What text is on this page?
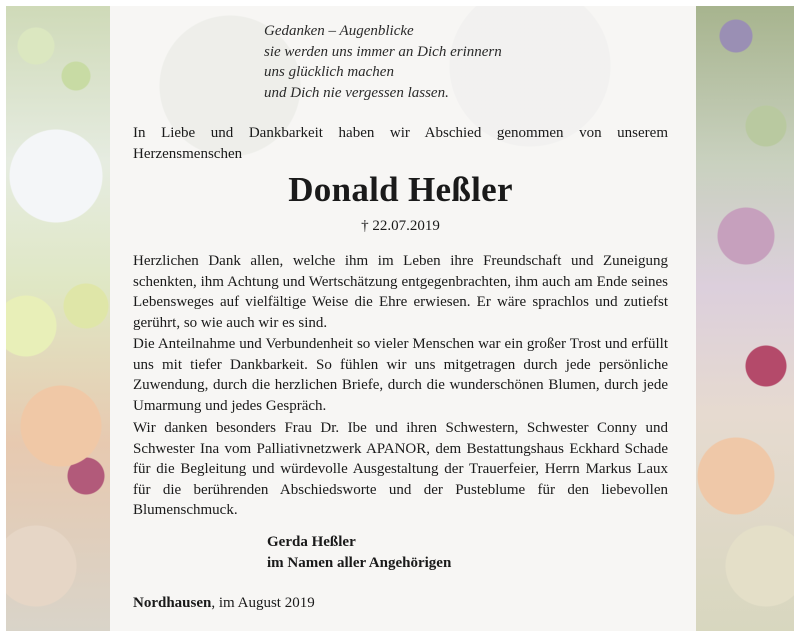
Gedanken – Augenblicke
sie werden uns immer an Dich erinnern
uns glücklich machen
und Dich nie vergessen lassen.
In Liebe und Dankbarkeit haben wir Abschied genommen von unserem Herzensmenschen
Donald Heßler
† 22.07.2019
Herzlichen Dank allen, welche ihm im Leben ihre Freundschaft und Zuneigung schenkten, ihm Achtung und Wertschätzung entgegenbrachten, ihm auch am Ende seines Lebensweges auf vielfältige Weise die Ehre erwiesen. Er wäre sprachlos und zutiefst gerührt, so wie auch wir es sind.
Die Anteilnahme und Verbundenheit so vieler Menschen war ein großer Trost und erfüllt uns mit tiefer Dankbarkeit. So fühlen wir uns mitgetragen durch jede persönliche Zuwendung, durch die herzlichen Briefe, durch die wunderschönen Blumen, durch jede Umarmung und jedes Gespräch.
Wir danken besonders Frau Dr. Ibe und ihren Schwestern, Schwester Conny und Schwester Ina vom Palliativnetzwerk APANOR, dem Bestattungshaus Eckhard Schade für die Begleitung und würdevolle Ausgestaltung der Trauerfeier, Herrn Markus Laux für die berührenden Abschiedsworte und der Pusteblume für den liebevollen Blumenschmuck.
Gerda Heßler
im Namen aller Angehörigen
Nordhausen, im August 2019
